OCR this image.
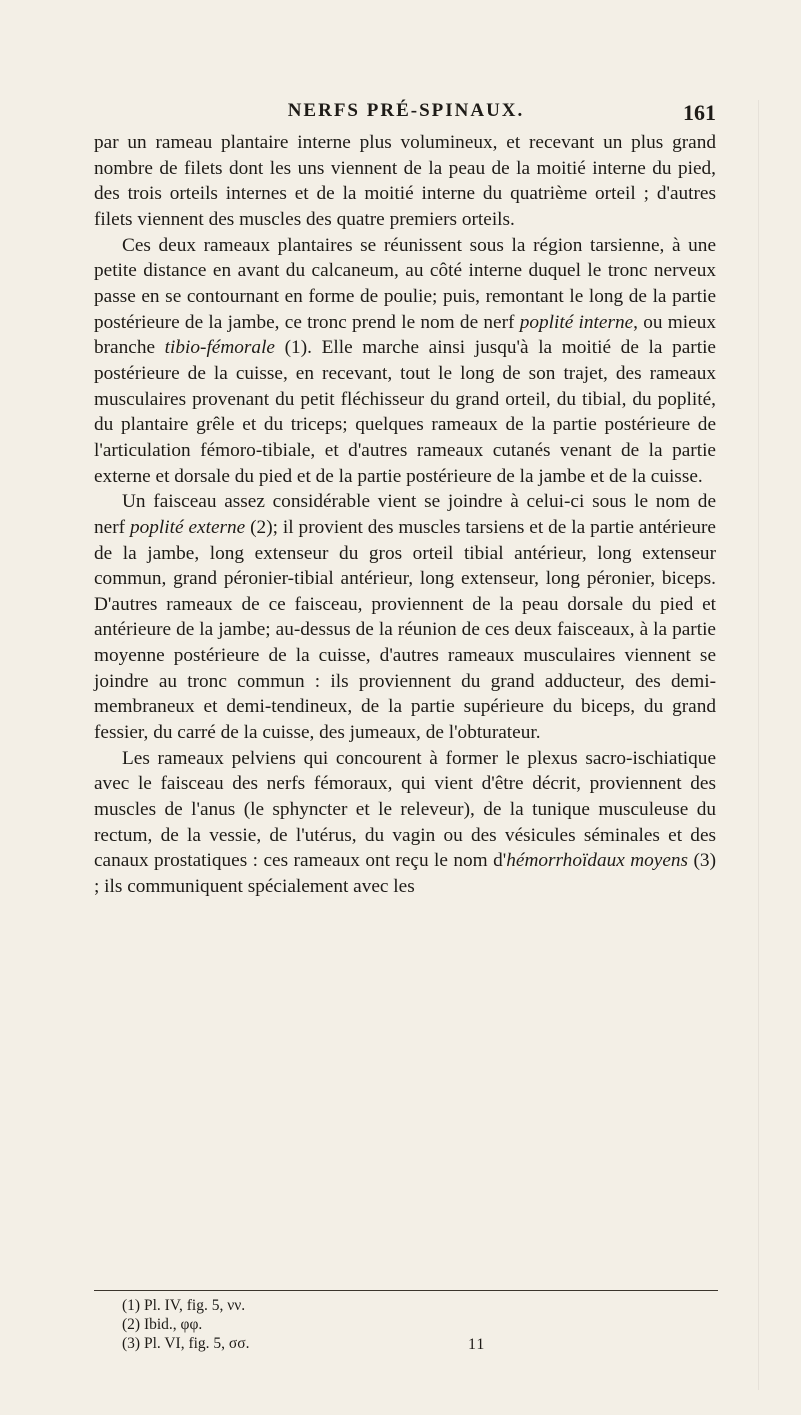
NERFS PRÉ-SPINAUX.	161

par un rameau plantaire interne plus volumineux, et recevant un plus grand nombre de filets dont les uns viennent de la peau de la moitié interne du pied, des trois orteils internes et de la moitié interne du quatrième orteil ; d'autres filets viennent des muscles des quatre premiers orteils.

Ces deux rameaux plantaires se réunissent sous la région tarsienne, à une petite distance en avant du calcaneum, au côté interne duquel le tronc nerveux passe en se contournant en forme de poulie; puis, remontant le long de la partie postérieure de la jambe, ce tronc prend le nom de nerf poplité interne, ou mieux branche tibio-fémorale (1). Elle marche ainsi jusqu'à la moitié de la partie postérieure de la cuisse, en recevant, tout le long de son trajet, des rameaux musculaires provenant du petit fléchisseur du grand orteil, du tibial, du poplité, du plantaire grêle et du triceps; quelques rameaux de la partie postérieure de l'articulation fémoro-tibiale, et d'autres rameaux cutanés venant de la partie externe et dorsale du pied et de la partie postérieure de la jambe et de la cuisse.

Un faisceau assez considérable vient se joindre à celui-ci sous le nom de nerf poplité externe (2); il provient des muscles tarsiens et de la partie antérieure de la jambe, long extenseur du gros orteil tibial antérieur, long extenseur commun, grand péronier-tibial antérieur, long extenseur, long péronier, biceps. D'autres rameaux de ce faisceau, proviennent de la peau dorsale du pied et antérieure de la jambe; au-dessus de la réunion de ces deux faisceaux, à la partie moyenne postérieure de la cuisse, d'autres rameaux musculaires viennent se joindre au tronc commun : ils proviennent du grand adducteur, des demi-membraneux et demi-tendineux, de la partie supérieure du biceps, du grand fessier, du carré de la cuisse, des jumeaux, de l'obturateur.

Les rameaux pelviens qui concourent à former le plexus sacro-ischiatique avec le faisceau des nerfs fémoraux, qui vient d'être décrit, proviennent des muscles de l'anus (le sphyncter et le releveur), de la tunique musculeuse du rectum, de la vessie, de l'utérus, du vagin ou des vésicules séminales et des canaux prostatiques : ces rameaux ont reçu le nom d'hémorrhoïdaux moyens (3) ; ils communiquent spécialement avec les

(1) Pl. IV, fig. 5, νν.

(2) Ibid., φφ.

(3) Pl. VI, fig. 5, σσ.	11
